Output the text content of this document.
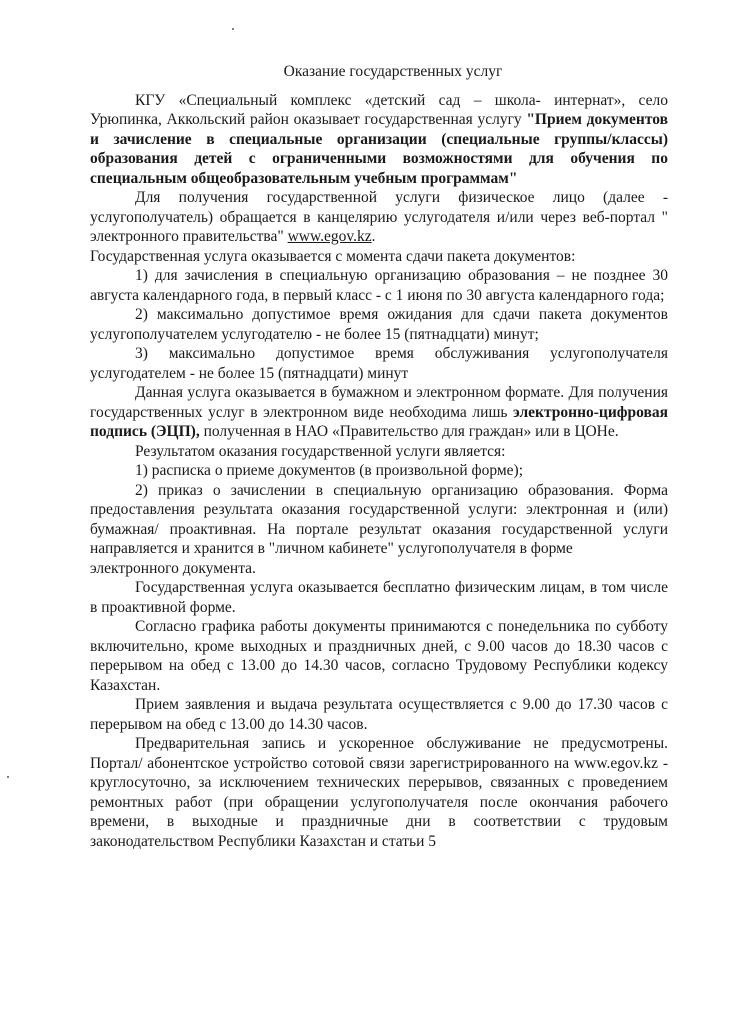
Оказание государственных услуг

КГУ «Специальный комплекс «детский сад – школа- интернат», село Урюпинка, Аккольский район оказывает государственная услугу "Прием документов и зачисление в специальные организации (специальные группы/классы) образования детей с ограниченными возможностями для обучения по специальным общеобразовательным учебным программам"

Для получения государственной услуги физическое лицо (далее - услугополучатель) обращается в канцелярию услугодателя и/или через веб-портал " электронного правительства" www.egov.kz.

Государственная услуга оказывается с момента сдачи пакета документов:

1) для зачисления в специальную организацию образования – не позднее 30 августа календарного года, в первый класс - с 1 июня по 30 августа календарного года;

2) максимально допустимое время ожидания для сдачи пакета документов услугополучателем услугодателю - не более 15 (пятнадцати) минут;

3) максимально допустимое время обслуживания услугополучателя услугодателем - не более 15 (пятнадцати) минут

Данная услуга оказывается в бумажном и электронном формате. Для получения государственных услуг в электронном виде необходима лишь электронно-цифровая подпись (ЭЦП), полученная в НАО «Правительство для граждан» или в ЦОНе.

Результатом оказания государственной услуги является:

1) расписка о приеме документов (в произвольной форме);

2) приказ о зачислении в специальную организацию образования. Форма предоставления результата оказания государственной услуги: электронная и (или) бумажная/ проактивная. На портале результат оказания государственной услуги направляется и хранится в "личном кабинете" услугополучателя в форме

электронного документа.

Государственная услуга оказывается бесплатно физическим лицам, в том числе в проактивной форме.

Согласно графика работы документы принимаются с понедельника по субботу включительно, кроме выходных и праздничных дней, с 9.00 часов до 18.30 часов с перерывом на обед с 13.00 до 14.30 часов, согласно Трудовому Республики кодексу Казахстан.

Прием заявления и выдача результата осуществляется с 9.00 до 17.30 часов с перерывом на обед с 13.00 до 14.30 часов.

Предварительная запись и ускоренное обслуживание не предусмотрены. Портал/ абонентское устройство сотовой связи зарегистрированного на www.egov.kz - круглосуточно, за исключением технических перерывов, связанных с проведением ремонтных работ (при обращении услугополучателя после окончания рабочего времени, в выходные и праздничные дни в соответствии с трудовым законодательством Республики Казахстан и статьи 5
